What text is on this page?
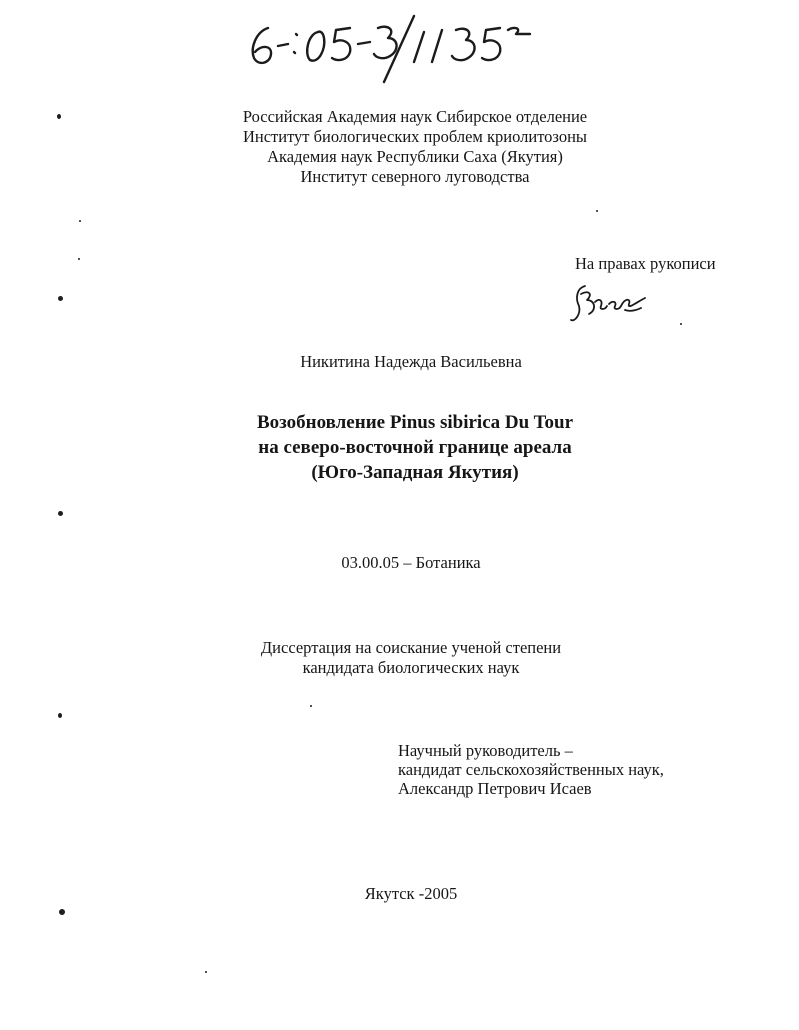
Российская Академия наук Сибирское отделение
Институт биологических проблем криолитозоны
Академия наук Республики Саха (Якутия)
Институт северного луговодства
На правах рукописи
Никитина Надежда Васильевна
Возобновление Pinus sibirica Du Tour
на северо-восточной границе ареала
(Юго-Западная Якутия)
03.00.05 – Ботаника
Диссертация на соискание ученой степени
кандидата биологических наук
Научный руководитель –
кандидат сельскохозяйственных наук,
Александр Петрович Исаев
Якутск -2005
